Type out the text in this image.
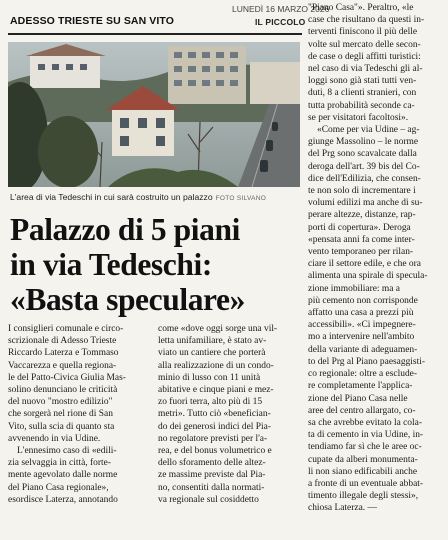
LUNEDÌ 16 MARZO 2026
IL PICCOLO
ADESSO TRIESTE SU SAN VITO
L'area di via Tedeschi in cui sarà costruito un palazzo FOTO SILVANO
Palazzo di 5 piani
in via Tedeschi:
«Basta speculare»
I consiglieri comunale e circo-
scrizionale di Adesso Trieste
Riccardo Laterza e Tommaso
Vaccarezza e quella regiona-
le del Patto-Civica Giulia Mas-
solino denunciano le criticità
del nuovo "mostro edilizio"
che sorgerà nel rione di San
Vito, sulla scia di quanto sta
avvenendo in via Udine.
L'ennesimo caso di «edili-
zia selvaggia in città, forte-
mente agevolato dalle norme
del Piano Casa regionale»,
esordisce Laterza, annotando
come «dove oggi sorge una vil-
letta unifamiliare, è stato av-
viato un cantiere che porterà
alla realizzazione di un condo-
minio di lusso con 11 unità
abitative e cinque piani e mez-
zo fuori terra, alto più di 15
metri». Tutto ciò «benefician-
do dei generosi indici del Pia-
no regolatore previsti per l'a-
rea, e del bonus volumetrico e
dello sforamento delle altez-
ze massime previste dal Pia-
no, consentiti dalla normati-
va regionale sul cosiddetto
"Piano Casa"». Peraltro, «le
case che risultano da questi in-
terventi finiscono il più delle
volte sul mercato delle secon-
de case o degli affitti turistici:
nel caso di via Tedeschi gli al-
loggi sono già stati tutti ven-
duti, 8 a clienti stranieri, con
tutta probabilità seconde ca-
se per visitatori facoltosi».
«Come per via Udine – ag-
giunge Massolino – le norme
del Prg sono scavalcate dalla
deroga dell'art. 39 bis del Co-
dice dell'Edilizia, che consen-
te non solo di incrementare i
volumi edilizi ma anche di su-
perare altezze, distanze, rap-
porti di copertura». Deroga
«pensata anni fa come inter-
vento temporaneo per rilan-
ciare il settore edile, e che ora
alimenta una spirale di specula-
zione immobiliare: ma a
più cemento non corrisponde
affatto una casa a prezzi più
accessibili». «Ci impegnere-
mo a intervenire nell'ambito
della variante di adeguamen-
to del Prg al Piano paesaggisti-
co regionale: oltre a esclude-
re completamente l'applica-
zione del Piano Casa nelle
aree del centro allargato, co-
sa che avrebbe evitato la cola-
ta di cemento in via Udine, in-
tendiamo far sì che le aree oc-
cupate da alberi monumenta-
li non siano edificabili anche
a fronte di un eventuale abbat-
timento illegale degli stessi»,
chiosa Laterza. —
